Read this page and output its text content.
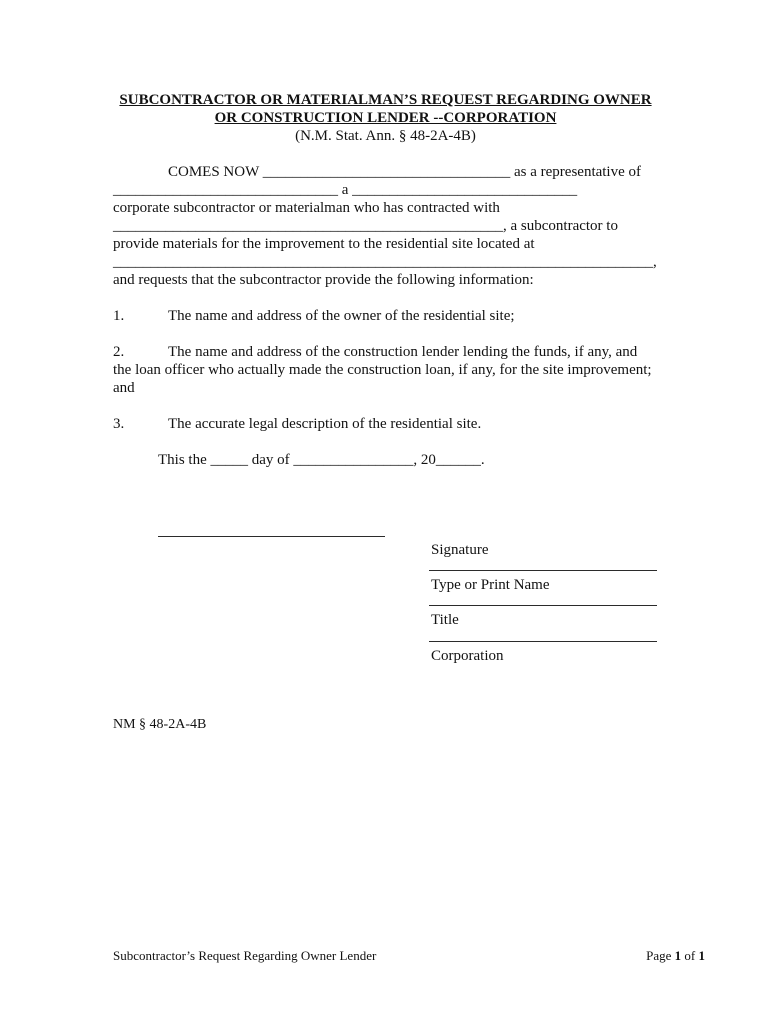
SUBCONTRACTOR OR MATERIALMAN’S REQUEST REGARDING OWNER
OR CONSTRUCTION LENDER --CORPORATION
(N.M. Stat. Ann. § 48-2A-4B)
COMES NOW _________________________________ as a representative of
______________________________ a ______________________________
corporate subcontractor or materialman who has contracted with
____________________________________________________, a subcontractor to
provide materials for the improvement to the residential site located at
________________________________________________________________________,
and requests that the subcontractor provide the following information:
1.	The name and address of the owner of the residential site;
2.	The name and address of the construction lender lending the funds, if any, and the loan officer who actually made the construction loan, if any, for the site improvement; and
3.	The accurate legal description of the residential site.
This the _____ day of ________________, 20______.
Signature
Type or Print Name
Title
Corporation
NM § 48-2A-4B
Subcontractor’s Request Regarding Owner Lender	Page 1 of 1
